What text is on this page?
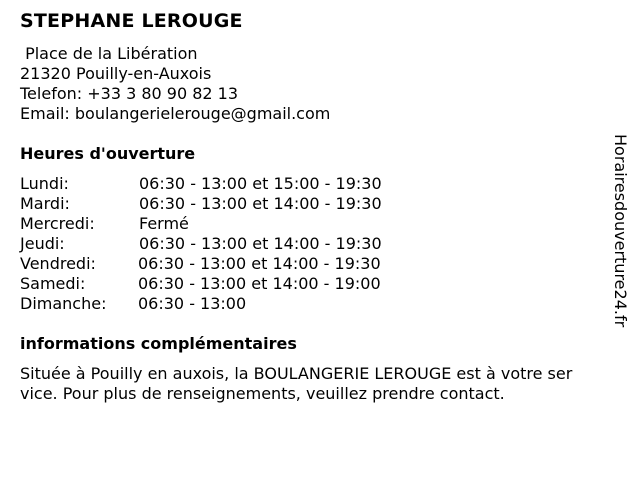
STEPHANE LEROUGE
Place de la Libération
21320 Pouilly-en-Auxois
Telefon: +33 3 80 90 82 13
Email: boulangerielerouge@gmail.com
Heures d'ouverture
Lundi:	06:30 - 13:00 et 15:00 - 19:30
Mardi:	06:30 - 13:00 et 14:00 - 19:30
Mercredi:	Fermé
Jeudi:	06:30 - 13:00 et 14:00 - 19:30
Vendredi:	06:30 - 13:00 et 14:00 - 19:30
Samedi:	06:30 - 13:00 et 14:00 - 19:00
Dimanche: 06:30 - 13:00
informations complémentaires
Située à Pouilly en auxois, la BOULANGERIE LEROUGE est à votre ser
vice. Pour plus de renseignements, veuillez prendre contact.
Horairesdouverture24.fr
